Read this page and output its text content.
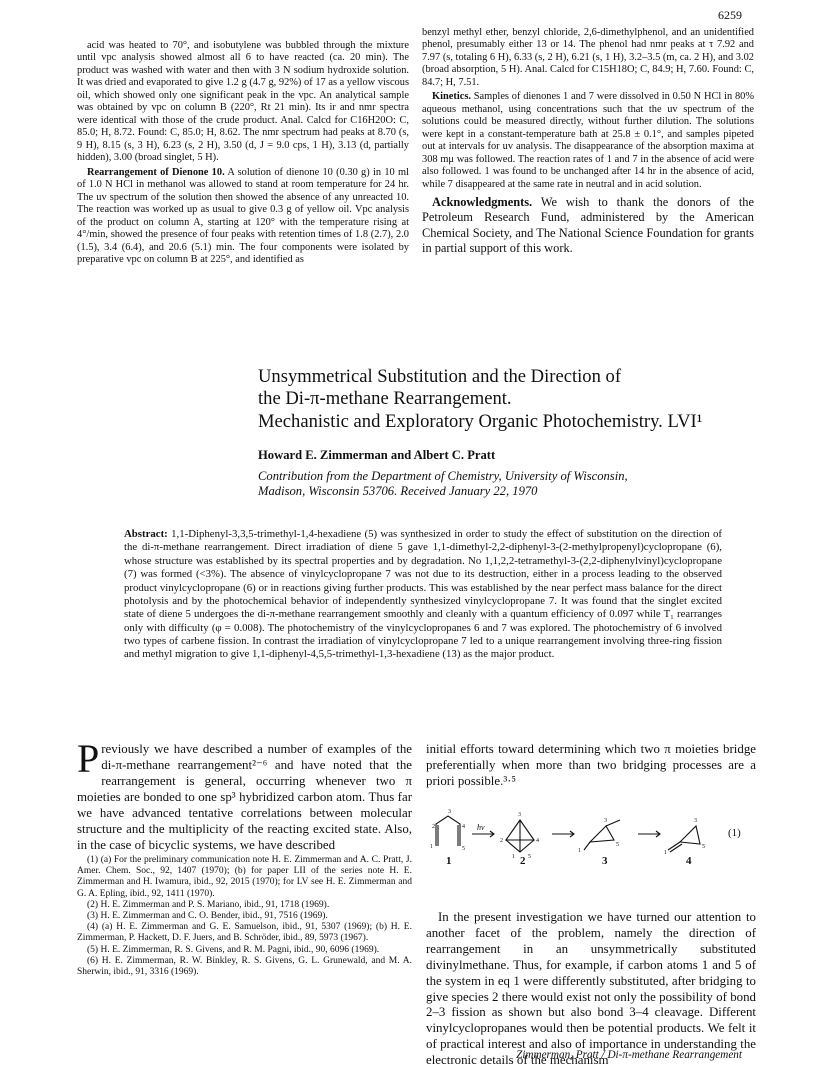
6259

acid was heated to 70°, and isobutylene was bubbled through the mixture until vpc analysis showed almost all 6 to have reacted (ca. 20 min). The product was washed with water and then with 3 N sodium hydroxide solution. It was dried and evaporated to give 1.2 g (4.7 g, 92%) of 17 as a yellow viscous oil, which showed only one significant peak in the vpc. An analytical sample was obtained by vpc on column B (220°, Rt 21 min). Its ir and nmr spectra were identical with those of the crude product. Anal. Calcd for C16H20O: C, 85.0; H, 8.72. Found: C, 85.0; H, 8.62. The nmr spectrum had peaks at 8.70 (s, 9 H), 8.15 (s, 3 H), 6.23 (s, 2 H), 3.50 (d, J = 9.0 cps, 1 H), 3.13 (d, partially hidden), 3.00 (broad singlet, 5 H).

Rearrangement of Dienone 10. A solution of dienone 10 (0.30 g) in 10 ml of 1.0 N HCl in methanol was allowed to stand at room temperature for 24 hr. The uv spectrum of the solution then showed the absence of any unreacted 10. The reaction was worked up as usual to give 0.3 g of yellow oil. Vpc analysis of the product on column A, starting at 120° with the temperature rising at 4°/min, showed the presence of four peaks with retention times of 1.8 (2.7), 2.0 (1.5), 3.4 (6.4), and 20.6 (5.1) min. The four components were isolated by preparative vpc on column B at 225°, and identified as

benzyl methyl ether, benzyl chloride, 2,6-dimethylphenol, and an unidentified phenol, presumably either 13 or 14. The phenol had nmr peaks at τ 7.92 and 7.97 (s, totaling 6 H), 6.33 (s, 2 H), 6.21 (s, 1 H), 3.2–3.5 (m, ca. 2 H), and 3.02 (broad absorption, 5 H). Anal. Calcd for C15H18O; C, 84.9; H, 7.60. Found: C, 84.7; H, 7.51.

Kinetics. Samples of dienones 1 and 7 were dissolved in 0.50 N HCl in 80% aqueous methanol, using concentrations such that the uv spectrum of the solutions could be measured directly, without further dilution. The solutions were kept in a constant-temperature bath at 25.8 ± 0.1°, and samples pipeted out at intervals for uv analysis. The disappearance of the absorption maxima at 308 mμ was followed. The reaction rates of 1 and 7 in the absence of acid were also followed. 1 was found to be unchanged after 14 hr in the absence of acid, while 7 disappeared at the same rate in neutral and in acid solution.

Acknowledgments. We wish to thank the donors of the Petroleum Research Fund, administered by the American Chemical Society, and The National Science Foundation for grants in partial support of this work.

Unsymmetrical Substitution and the Direction of
the Di-π-methane Rearrangement.
Mechanistic and Exploratory Organic Photochemistry. LVI¹
Howard E. Zimmerman and Albert C. Pratt
Contribution from the Department of Chemistry, University of Wisconsin,
Madison, Wisconsin 53706. Received January 22, 1970
Abstract: 1,1-Diphenyl-3,3,5-trimethyl-1,4-hexadiene (5) was synthesized in order to study the effect of substitution on the direction of the di-π-methane rearrangement. Direct irradiation of diene 5 gave 1,1-dimethyl-2,2-diphenyl-3-(2-methylpropenyl)cyclopropane (6), whose structure was established by its spectral properties and by degradation. No 1,1,2,2-tetramethyl-3-(2,2-diphenylvinyl)cyclopropane (7) was formed (<3%). The absence of vinylcyclopropane 7 was not due to its destruction, either in a process leading to the observed product vinylcyclopropane (6) or in reactions giving further products. This was established by the near perfect mass balance for the direct photolysis and by the photochemical behavior of independently synthesized vinylcyclopropane 7. It was found that the singlet excited state of diene 5 undergoes the di-π-methane rearrangement smoothly and cleanly with a quantum efficiency of 0.097 while T₁ rearranges only with difficulty (φ = 0.008). The photochemistry of the vinylcyclopropanes 6 and 7 was explored. The photochemistry of 6 involved two types of carbene fission. In contrast the irradiation of vinylcyclopropane 7 led to a unique rearrangement involving three-ring fission and methyl migration to give 1,1-diphenyl-4,5,5-trimethyl-1,3-hexadiene (13) as the major product.

Previously we have described a number of examples of the di-π-methane rearrangement²⁻⁶ and have noted that the rearrangement is general, occurring whenever two π moieties are bonded to one sp³ hybridized carbon atom. Thus far we have advanced tentative correlations between molecular structure and the multiplicity of the reacting excited state. Also, in the case of bicyclic systems, we have described

(1) (a) For the preliminary communication note H. E. Zimmerman and A. C. Pratt, J. Amer. Chem. Soc., 92, 1407 (1970); (b) for paper LII of the series note H. E. Zimmerman and H. Iwamura, ibid., 92, 2015 (1970); for LV see H. E. Zimmerman and G. A. Epling, ibid., 92, 1411 (1970).
(2) H. E. Zimmerman and P. S. Mariano, ibid., 91, 1718 (1969).
(3) H. E. Zimmerman and C. O. Bender, ibid., 91, 7516 (1969).
(4) (a) H. E. Zimmerman and G. E. Samuelson, ibid., 91, 5307 (1969); (b) H. E. Zimmerman, P. Hackett, D. F. Juers, and B. Schröder, ibid., 89, 5973 (1967).
(5) H. E. Zimmerman, R. S. Givens, and R. M. Pagni, ibid., 90, 6096 (1969).
(6) H. E. Zimmerman, R. W. Binkley, R. S. Givens, G. L. Grunewald, and M. A. Sherwin, ibid., 91, 3316 (1969).

initial efforts toward determining which two π moieties bridge preferentially when more than two bridging processes are a priori possible.³·⁵

In the present investigation we have turned our attention to another facet of the problem, namely the direction of rearrangement in an unsymmetrically substituted divinylmethane. Thus, for example, if carbon atoms 1 and 5 of the system in eq 1 were differently substituted, after bridging to give species 2 there would exist not only the possibility of bond 2–3 fission as shown but also bond 3–4 cleavage. Different vinylcyclopropanes would then be potential products. We felt it of practical interest and also of importance in understanding the electronic details of the mechanism

3
2	4
1	5
3
2	4
1 5
3
1
5
3
1
5
hν	(1)
1	2	3	4
Zimmerman, Pratt / Di-π-methane Rearrangement
